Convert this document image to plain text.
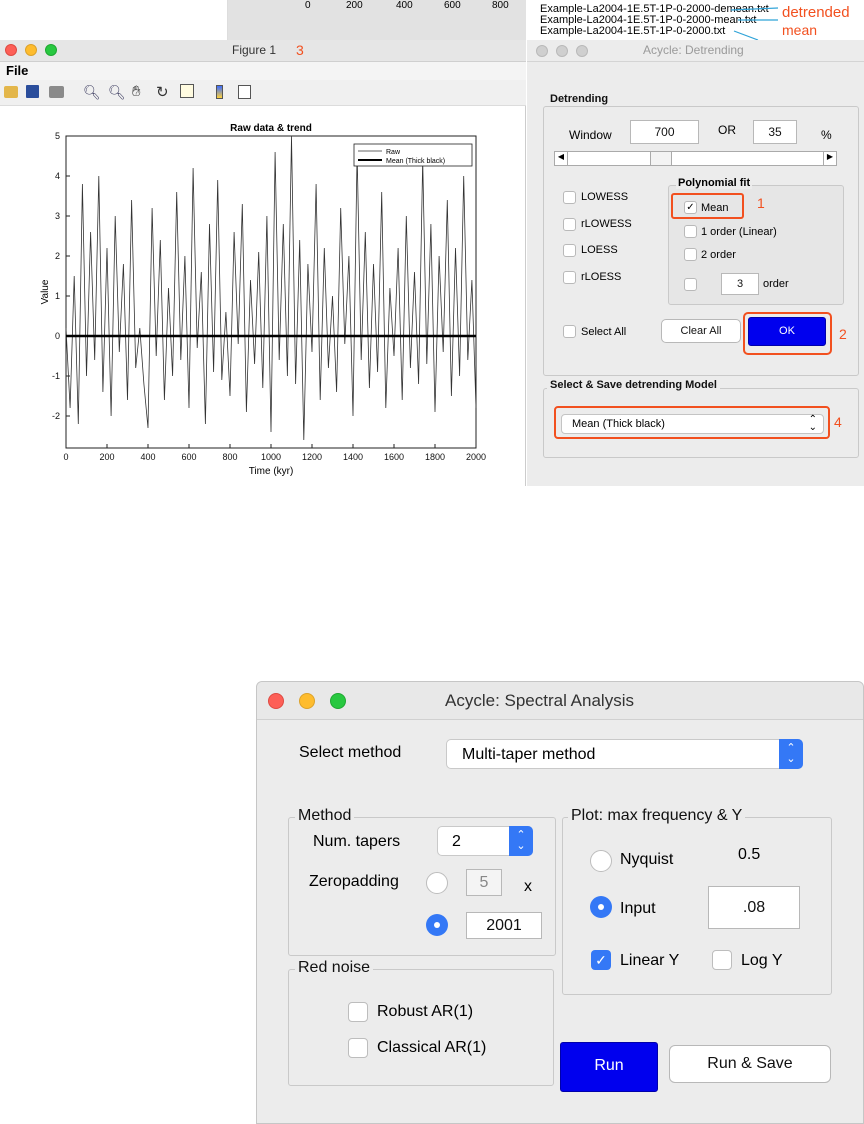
0	200	400	600	800	Example-La2004-1E.5T-1P-0-2000-demean.txt
Example-La2004-1E.5T-1P-0-2000-mean.txt
Example-La2004-1E.5T-1P-0-2000.txt
detrended
mean
Figure 1 3
File
🔍︎ 🔍︎ ✋︎ ↻
Raw data & trend
Time (kyr)
Value
0	200	400	600	800	1000 1200 1400 1600 1800 2000
-2
-1
0
1
2
3
4
5
Raw
Mean (Thick black)
Acycle: Detrending
Detrending
Window	700	OR	35	%
◀	▶
LOWESS
rLOWESS
LOESS
rLOESS
Polynomial fit
✓ Mean 1
1 order (Linear)
2 order
3	order
Select All	Clear All	OK	2
Select & Save detrending Model
Mean (Thick black)	⌃
⌄ 4
Acycle: Spectral Analysis
Select method	Multi-taper method	⌃
⌄
Method
Num. tapers	2	⌃
⌄
Zeropadding	5	x
2001
Plot: max frequency & Y
Nyquist	0.5
Input	.08
✓ Linear Y	Log Y
Red noise
Robust AR(1)
Classical AR(1)
Run	Run & Save
